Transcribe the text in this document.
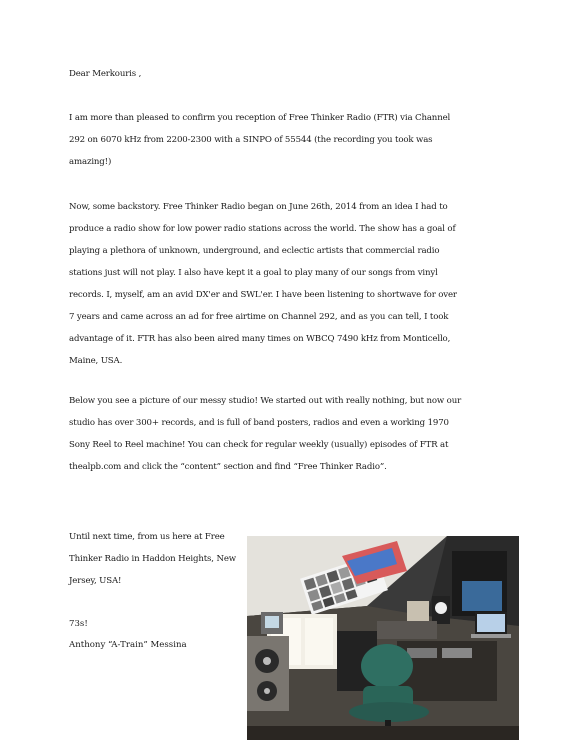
Dear Merkouris ,

I am more than pleased to confirm you reception of Free Thinker Radio (FTR) via Channel 292 on 6070 kHz from 2200-2300 with a SINPO of 55544 (the recording you took was amazing!)

Now, some backstory. Free Thinker Radio began on June 26th, 2014 from an idea I had to produce a radio show for low power radio stations across the world. The show has a goal of playing a plethora of unknown, underground, and eclectic artists that commercial radio stations just will not play. I also have kept it a goal to play many of our songs from vinyl records. I, myself, am an avid DX'er and SWL'er. I have been listening to shortwave for over 7 years and came across an ad for free airtime on Channel 292, and as you can tell, I took advantage of it. FTR has also been aired many times on WBCQ 7490 kHz from Monticello, Maine, USA.

Below you see a picture of our messy studio! We started out with really nothing, but now our studio has over 300+ records, and is full of band posters, radios and even a working 1970 Sony Reel to Reel machine! You can check for regular weekly (usually) episodes of FTR at thealpb.com and click the “content” section and find “Free Thinker Radio”.

Until next time, from us here at Free Thinker Radio in Haddon Heights, New Jersey, USA!

73s!

Anthony “A-Train” Messina
